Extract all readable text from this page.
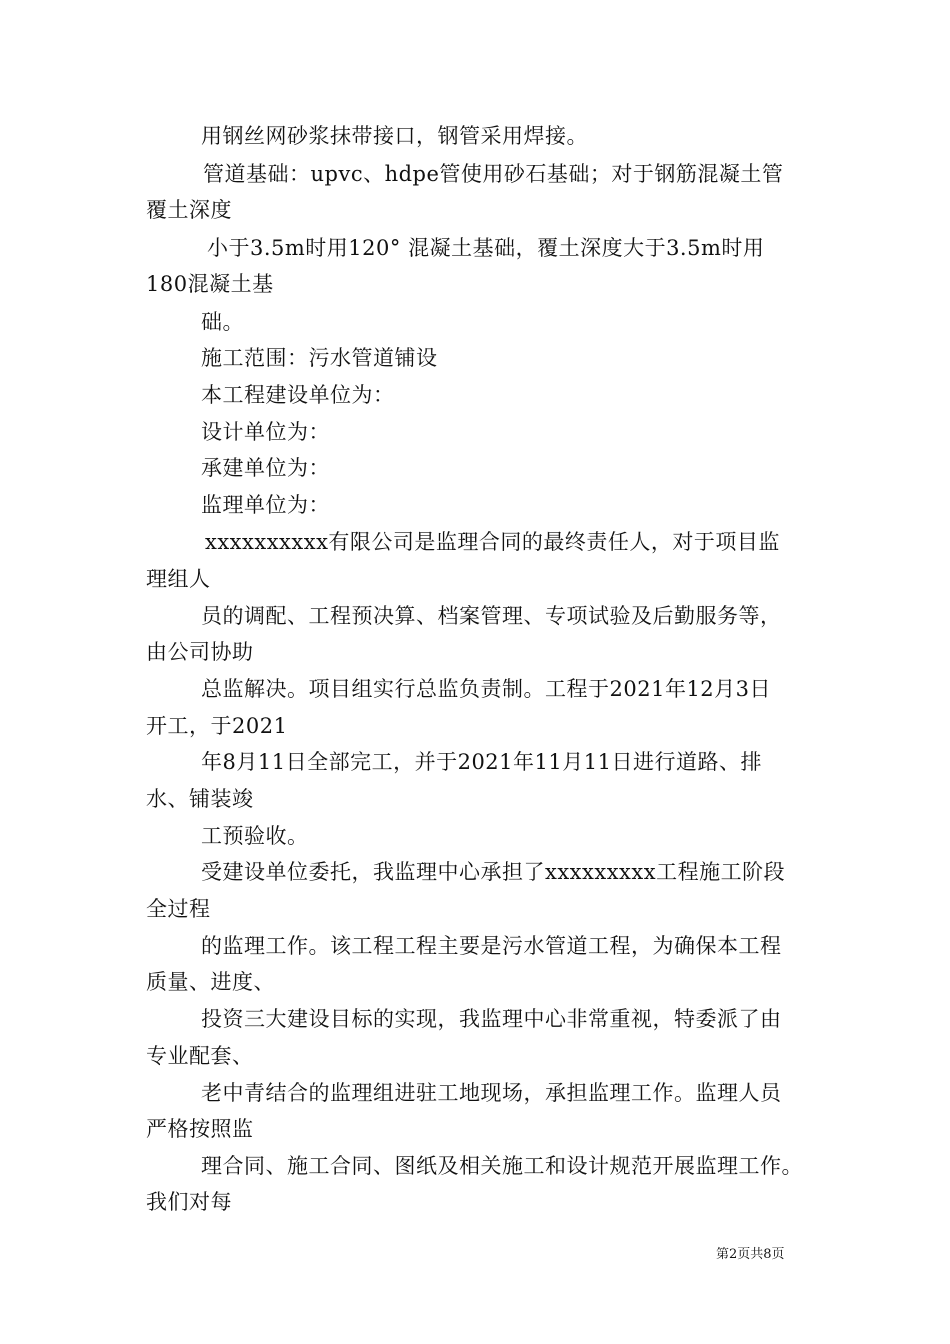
用钢丝网砂浆抹带接口，钢管采用焊接。
管道基础：upvc、hdpe管使用砂石基础；对于钢筋混凝土管
覆土深度
小于3.5m时用120° 混凝土基础，覆土深度大于3.5m时用
180混凝土基
础。
施工范围：污水管道铺设
本工程建设单位为：
设计单位为：
承建单位为：
监理单位为：
xxxxxxxxxx有限公司是监理合同的最终责任人，对于项目监
理组人
员的调配、工程预决算、档案管理、专项试验及后勤服务等，
由公司协助
总监解决。项目组实行总监负责制。工程于2021年12月3日
开工，于2021
年8月11日全部完工，并于2021年11月11日进行道路、排
水、铺装竣
工预验收。
受建设单位委托，我监理中心承担了xxxxxxxxx工程施工阶段
全过程
的监理工作。该工程工程主要是污水管道工程，为确保本工程
质量、进度、
投资三大建设目标的实现，我监理中心非常重视，特委派了由
专业配套、
老中青结合的监理组进驻工地现场，承担监理工作。监理人员
严格按照监
理合同、施工合同、图纸及相关施工和设计规范开展监理工作。
我们对每
第2页共8页
